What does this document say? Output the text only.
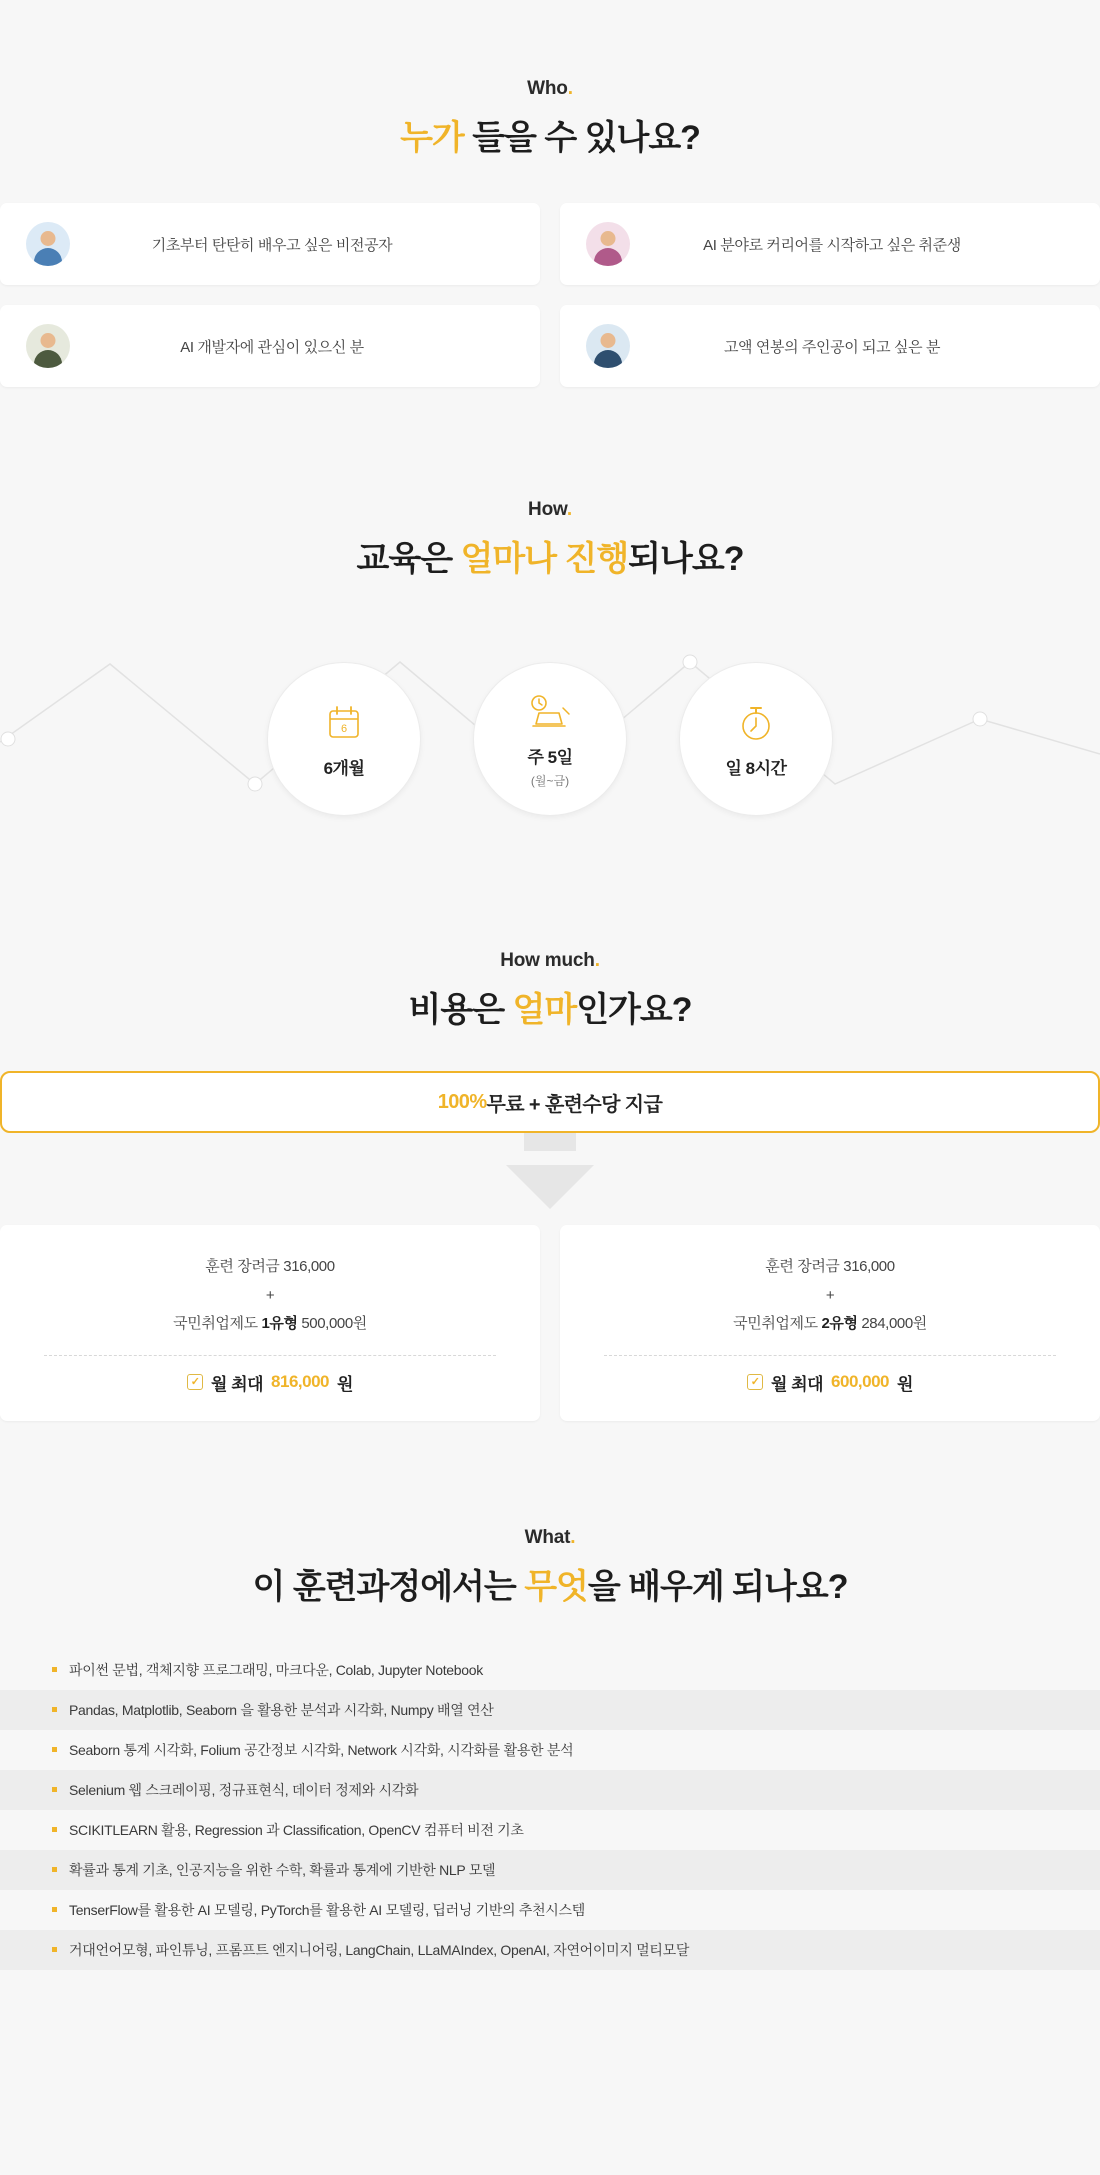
Who.
누가 들을 수 있나요?
기초부터 탄탄히 배우고 싶은 비전공자	AI 분야로 커리어를 시작하고 싶은 취준생
AI 개발자에 관심이 있으신 분	고액 연봉의 주인공이 되고 싶은 분
How.
교육은 얼마나 진행되나요?
6
6개월
주 5일
(월~금)
일 8시간
How much.
비용은 얼마인가요?
100% 무료 + 훈련수당 지급
훈련 장려금 316,000
+
국민취업제도 1유형 500,000원
✓ 월 최대 816,000 원
훈련 장려금 316,000
+
국민취업제도 2유형 284,000원
✓ 월 최대 600,000 원
What.
이 훈련과정에서는 무엇을 배우게 되나요?
파이썬 문법, 객체지향 프로그래밍, 마크다운, Colab, Jupyter Notebook
Pandas, Matplotlib, Seaborn 을 활용한 분석과 시각화, Numpy 배열 연산
Seaborn 통계 시각화, Folium 공간정보 시각화, Network 시각화, 시각화를 활용한 분석
Selenium 웹 스크레이핑, 정규표현식, 데이터 정제와 시각화
SCIKITLEARN 활용, Regression 과 Classification, OpenCV 컴퓨터 비전 기초
확률과 통계 기초, 인공지능을 위한 수학, 확률과 통계에 기반한 NLP 모델
TenserFlow를 활용한 AI 모델링, PyTorch를 활용한 AI 모델링, 딥러닝 기반의 추천시스템
거대언어모형, 파인튜닝, 프롬프트 엔지니어링, LangChain, LLaMAIndex, OpenAI, 자연어이미지 멀티모달
